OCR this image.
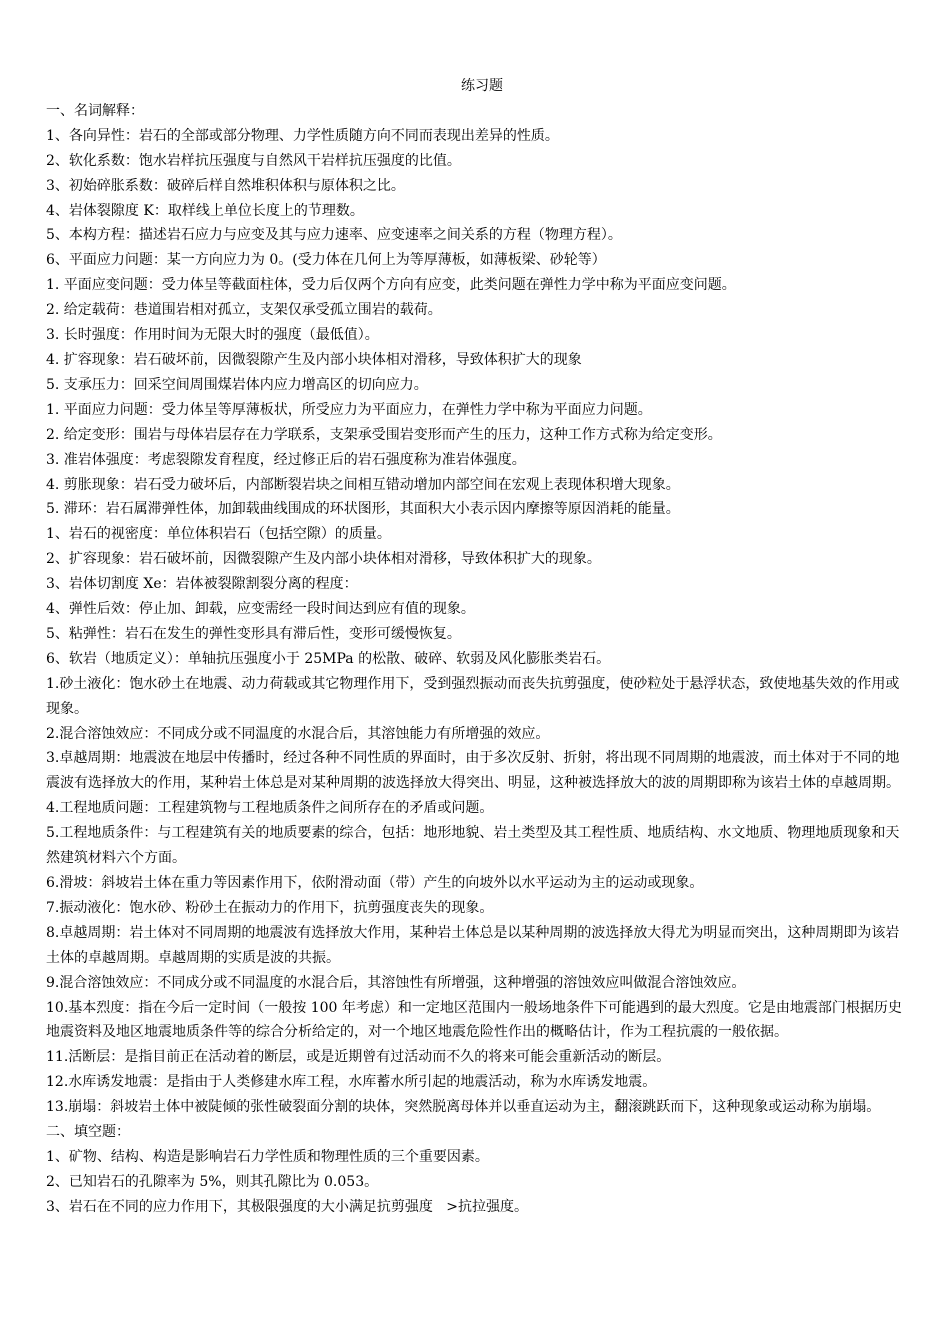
练习题

一、名词解释：

1、各向异性：岩石的全部或部分物理、力学性质随方向不同而表现出差异的性质。

2、软化系数：饱水岩样抗压强度与自然风干岩样抗压强度的比值。

3、初始碎胀系数：破碎后样自然堆积体积与原体积之比。

4、岩体裂隙度 K：取样线上单位长度上的节理数。

5、本构方程：描述岩石应力与应变及其与应力速率、应变速率之间关系的方程（物理方程）。

6、平面应力问题：某一方向应力为 0。(受力体在几何上为等厚薄板，如薄板梁、砂轮等）

1. 平面应变问题：受力体呈等截面柱体，受力后仅两个方向有应变，此类问题在弹性力学中称为平面应变问题。

2. 给定载荷：巷道围岩相对孤立，支架仅承受孤立围岩的载荷。

3. 长时强度：作用时间为无限大时的强度（最低值）。

4. 扩容现象：岩石破坏前，因微裂隙产生及内部小块体相对滑移，导致体积扩大的现象

5. 支承压力：回采空间周围煤岩体内应力增高区的切向应力。

1. 平面应力问题：受力体呈等厚薄板状，所受应力为平面应力，在弹性力学中称为平面应力问题。

2. 给定变形：围岩与母体岩层存在力学联系，支架承受围岩变形而产生的压力，这种工作方式称为给定变形。

3. 准岩体强度：考虑裂隙发育程度，经过修正后的岩石强度称为准岩体强度。

4. 剪胀现象：岩石受力破坏后，内部断裂岩块之间相互错动增加内部空间在宏观上表现体积增大现象。

5. 滞环：岩石属滞弹性体，加卸载曲线围成的环状图形，其面积大小表示因内摩擦等原因消耗的能量。

1、岩石的视密度：单位体积岩石（包括空隙）的质量。

2、扩容现象：岩石破坏前，因微裂隙产生及内部小块体相对滑移，导致体积扩大的现象。

3、岩体切割度 Xe：岩体被裂隙割裂分离的程度：

4、弹性后效：停止加、卸载，应变需经一段时间达到应有值的现象。

5、粘弹性：岩石在发生的弹性变形具有滞后性，变形可缓慢恢复。

6、软岩（地质定义）：单轴抗压强度小于 25MPa 的松散、破碎、软弱及风化膨胀类岩石。

1.砂土液化：饱水砂土在地震、动力荷载或其它物理作用下，受到强烈振动而丧失抗剪强度，使砂粒处于悬浮状态，致使地基失效的作用或现象。

2.混合溶蚀效应：不同成分或不同温度的水混合后，其溶蚀能力有所增强的效应。

3.卓越周期：地震波在地层中传播时，经过各种不同性质的界面时，由于多次反射、折射，将出现不同周期的地震波，而土体对于不同的地震波有选择放大的作用，某种岩土体总是对某种周期的波选择放大得突出、明显，这种被选择放大的波的周期即称为该岩土体的卓越周期。

4.工程地质问题：工程建筑物与工程地质条件之间所存在的矛盾或问题。

5.工程地质条件：与工程建筑有关的地质要素的综合，包括：地形地貌、岩土类型及其工程性质、地质结构、水文地质、物理地质现象和天然建筑材料六个方面。

6.滑坡：斜坡岩土体在重力等因素作用下，依附滑动面（带）产生的向坡外以水平运动为主的运动或现象。

7.振动液化：饱水砂、粉砂土在振动力的作用下，抗剪强度丧失的现象。

8.卓越周期：岩土体对不同周期的地震波有选择放大作用，某种岩土体总是以某种周期的波选择放大得尤为明显而突出，这种周期即为该岩土体的卓越周期。卓越周期的实质是波的共振。

9.混合溶蚀效应：不同成分或不同温度的水混合后，其溶蚀性有所增强，这种增强的溶蚀效应叫做混合溶蚀效应。

10.基本烈度：指在今后一定时间（一般按 100 年考虑）和一定地区范围内一般场地条件下可能遇到的最大烈度。它是由地震部门根据历史地震资料及地区地震地质条件等的综合分析给定的，对一个地区地震危险性作出的概略估计，作为工程抗震的一般依据。

11.活断层：是指目前正在活动着的断层，或是近期曾有过活动而不久的将来可能会重新活动的断层。

12.水库诱发地震：是指由于人类修建水库工程，水库蓄水所引起的地震活动，称为水库诱发地震。

13.崩塌：斜坡岩土体中被陡倾的张性破裂面分割的块体，突然脱离母体并以垂直运动为主，翻滚跳跃而下，这种现象或运动称为崩塌。

二、填空题：

1、矿物、结构、构造是影响岩石力学性质和物理性质的三个重要因素。

2、已知岩石的孔隙率为 5%，则其孔隙比为 0.053。

3、岩石在不同的应力作用下，其极限强度的大小满足抗剪强度   >抗拉强度。
